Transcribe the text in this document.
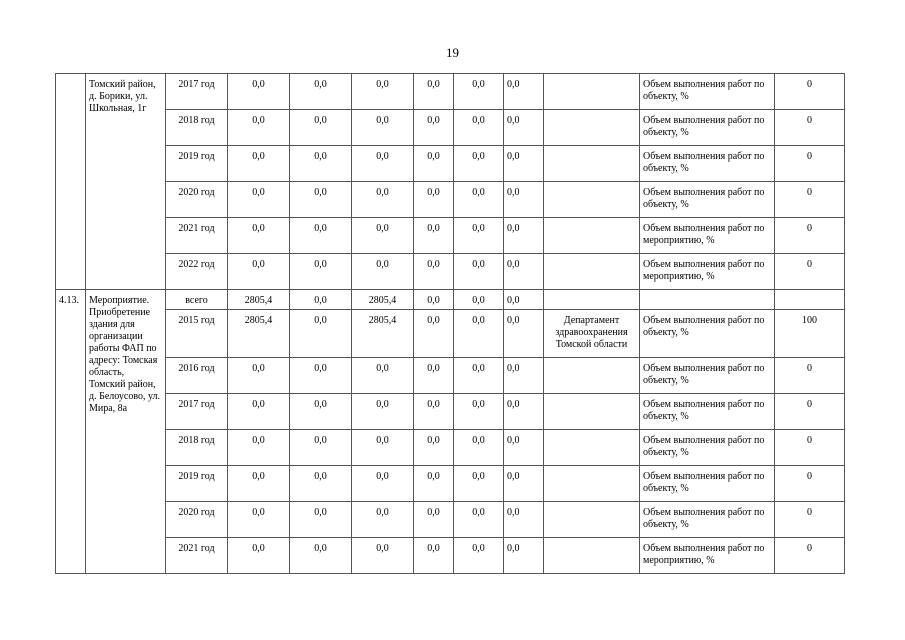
19
	Томский район, д. Борики, ул. Школьная, 1г	2017 год	0,0	0,0	0,0	0,0	0,0	0,0		Объем выполнения работ по объекту, %	0
		2018 год	0,0	0,0	0,0	0,0	0,0	0,0		Объем выполнения работ по объекту, %	0
		2019 год	0,0	0,0	0,0	0,0	0,0	0,0		Объем выполнения работ по объекту, %	0
		2020 год	0,0	0,0	0,0	0,0	0,0	0,0		Объем выполнения работ по объекту, %	0
		2021 год	0,0	0,0	0,0	0,0	0,0	0,0		Объем выполнения работ по мероприятию, %	0
		2022 год	0,0	0,0	0,0	0,0	0,0	0,0		Объем выполнения работ по мероприятию, %	0
4.13.	Мероприятие. Приобретение здания для организации работы ФАП по адресу: Томская область, Томский район, д. Белоусово, ул. Мира, 8а	всего	2805,4	0,0	2805,4	0,0	0,0	0,0			
		2015 год	2805,4	0,0	2805,4	0,0	0,0	0,0	Департамент здравоохранения Томской области	Объем выполнения работ по объекту, %	100
		2016 год	0,0	0,0	0,0	0,0	0,0	0,0		Объем выполнения работ по объекту, %	0
		2017 год	0,0	0,0	0,0	0,0	0,0	0,0		Объем выполнения работ по объекту, %	0
		2018 год	0,0	0,0	0,0	0,0	0,0	0,0		Объем выполнения работ по объекту, %	0
		2019 год	0,0	0,0	0,0	0,0	0,0	0,0		Объем выполнения работ по объекту, %	0
		2020 год	0,0	0,0	0,0	0,0	0,0	0,0		Объем выполнения работ по объекту, %	0
		2021 год	0,0	0,0	0,0	0,0	0,0	0,0		Объем выполнения работ по мероприятию, %	0
